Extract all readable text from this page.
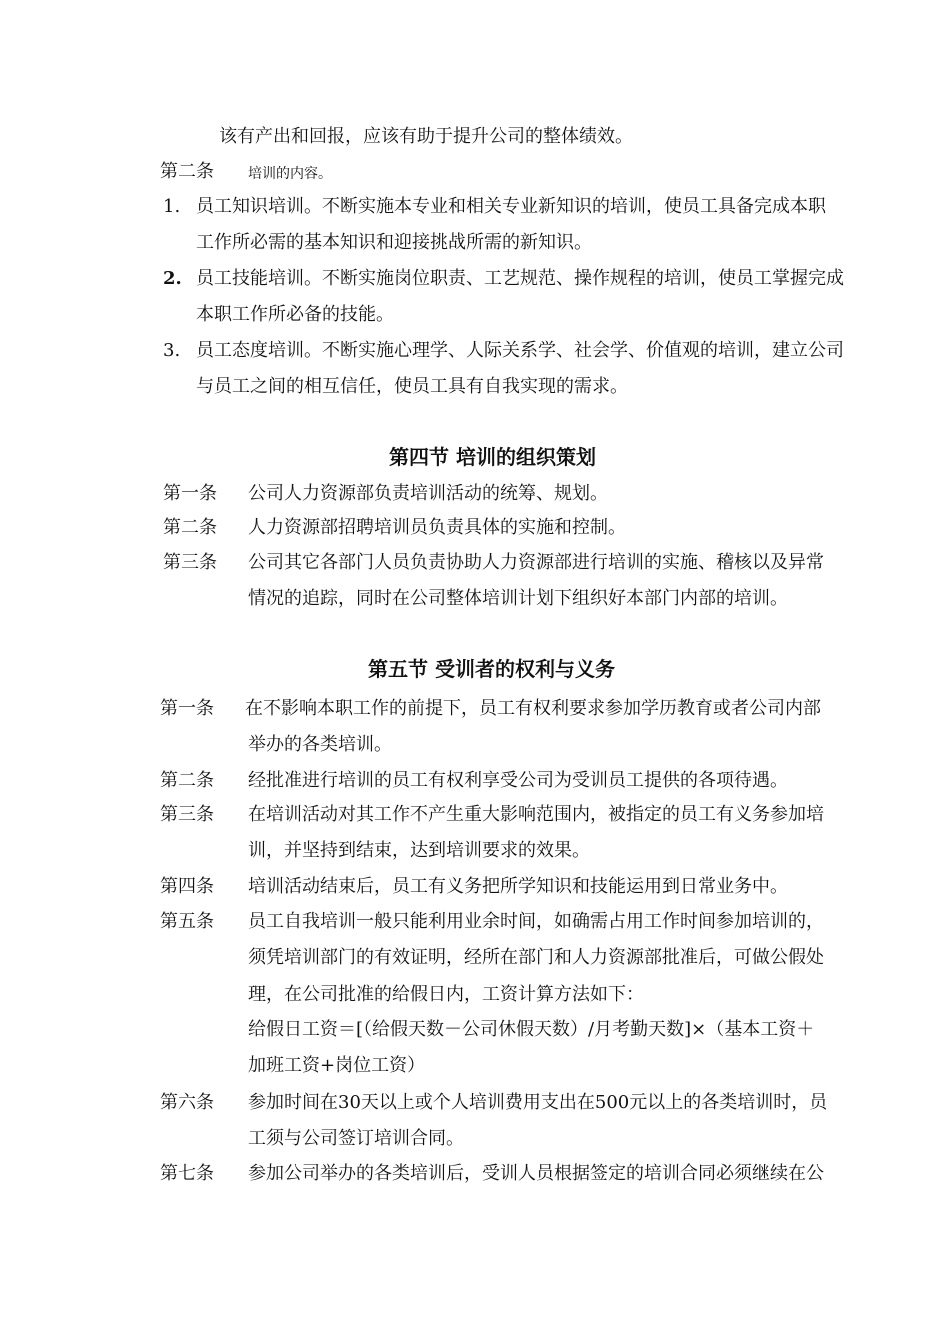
该有产出和回报，应该有助于提升公司的整体绩效。
第二条 培训的内容。
1. 员工知识培训。不断实施本专业和相关专业新知识的培训，使员工具备完成本职
工作所必需的基本知识和迎接挑战所需的新知识。
2. 员工技能培训。不断实施岗位职责、工艺规范、操作规程的培训，使员工掌握完成
本职工作所必备的技能。
3. 员工态度培训。不断实施心理学、人际关系学、社会学、价值观的培训，建立公司
与员工之间的相互信任，使员工具有自我实现的需求。
第四节 培训的组织策划
第一条 公司人力资源部负责培训活动的统筹、规划。
第二条 人力资源部招聘培训员负责具体的实施和控制。
第三条 公司其它各部门人员负责协助人力资源部进行培训的实施、稽核以及异常
情况的追踪，同时在公司整体培训计划下组织好本部门内部的培训。
第五节 受训者的权利与义务
第一条 在不影响本职工作的前提下，员工有权利要求参加学历教育或者公司内部
举办的各类培训。
第二条 经批准进行培训的员工有权利享受公司为受训员工提供的各项待遇。
第三条 在培训活动对其工作不产生重大影响范围内，被指定的员工有义务参加培
训，并坚持到结束，达到培训要求的效果。
第四条 培训活动结束后，员工有义务把所学知识和技能运用到日常业务中。
第五条 员工自我培训一般只能利用业余时间，如确需占用工作时间参加培训的，
须凭培训部门的有效证明，经所在部门和人力资源部批准后，可做公假处
理，在公司批准的给假日内，工资计算方法如下：
给假日工资＝[（给假天数－公司休假天数）/月考勤天数]×（基本工资＋
加班工资+岗位工资）
第六条 参加时间在30天以上或个人培训费用支出在500元以上的各类培训时，员
工须与公司签订培训合同。
第七条 参加公司举办的各类培训后，受训人员根据签定的培训合同必须继续在公
